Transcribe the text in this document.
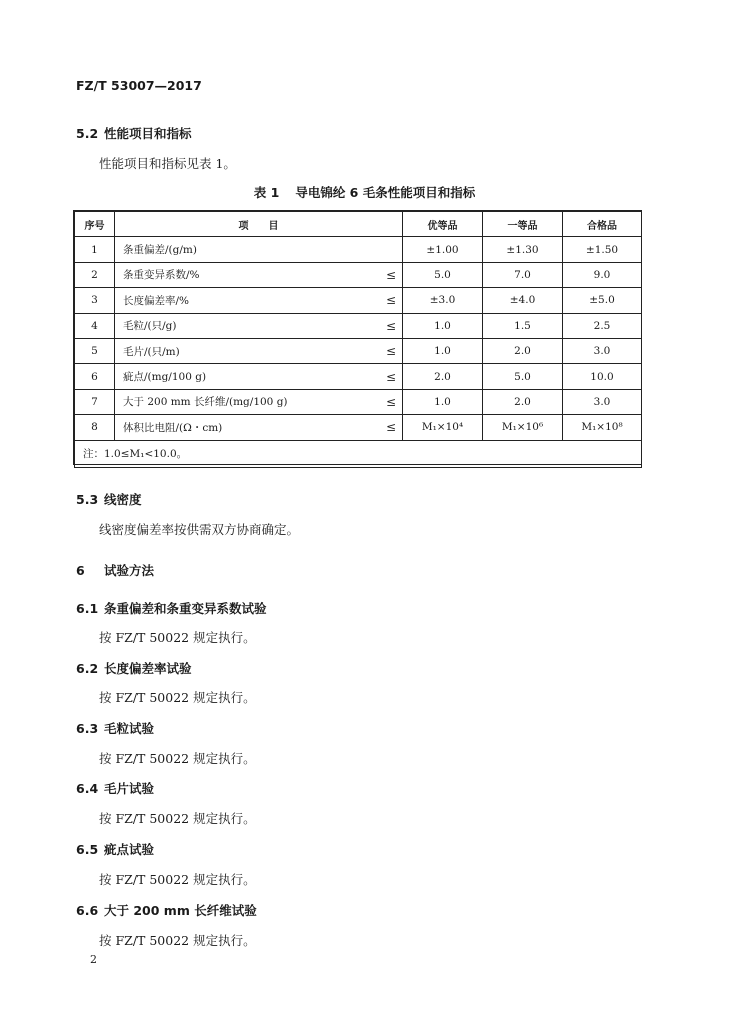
FZ/T 53007—2017
5.2 性能项目和指标
性能项目和指标见表 1。
表 1 导电锦纶 6 毛条性能项目和指标
序号	项 目		优等品	一等品	合格品
1	条重偏差/(g/m)		±1.00	±1.30	±1.50
2	条重变异系数/%	≤	5.0	7.0	9.0
3	长度偏差率/%	≤	±3.0	±4.0	±5.0
4	毛粒/(只/g)	≤	1.0	1.5	2.5
5	毛片/(只/m)	≤	1.0	2.0	3.0
6	疵点/(mg/100 g)	≤	2.0	5.0	10.0
7	大于 200 mm 长纤维/(mg/100 g)	≤	1.0	2.0	3.0
8	体积比电阻/(Ω・cm)	≤	M₁×10⁴	M₁×10⁶	M₁×10⁸
注：1.0≤M₁<10.0。					
5.3 线密度
线密度偏差率按供需双方协商确定。
6 试验方法
6.1 条重偏差和条重变异系数试验
按 FZ/T 50022 规定执行。
6.2 长度偏差率试验
按 FZ/T 50022 规定执行。
6.3 毛粒试验
按 FZ/T 50022 规定执行。
6.4 毛片试验
按 FZ/T 50022 规定执行。
6.5 疵点试验
按 FZ/T 50022 规定执行。
6.6 大于 200 mm 长纤维试验
按 FZ/T 50022 规定执行。
2
